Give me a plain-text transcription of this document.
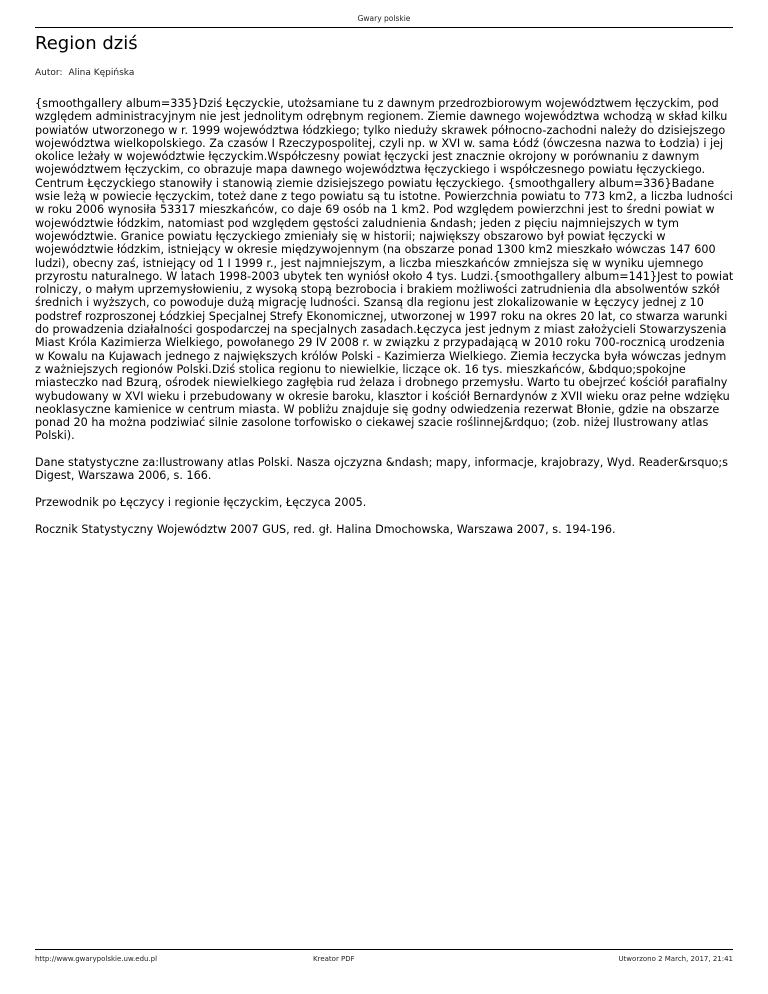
Gwary polskie
Region dziś
Autor: Alina Kępińska

{smoothgallery album=335}Dziś Łęczyckie, utożsamiane tu z dawnym przedrozbiorowym województwem łęczyckim, pod względem administracyjnym nie jest jednolitym odrębnym regionem. Ziemie dawnego województwa wchodzą w skład kilku powiatów utworzonego w r. 1999 województwa łódzkiego; tylko nieduży skrawek północno-zachodni należy do dzisiejszego województwa wielkopolskiego. Za czasów I Rzeczypospolitej, czyli np. w XVI w. sama Łódź (ówczesna nazwa to Łodzia) i jej okolice leżały w województwie łęczyckim.Współczesny powiat łęczycki jest znacznie okrojony w porównaniu z dawnym województwem łęczyckim, co obrazuje mapa dawnego województwa łęczyckiego i współczesnego powiatu łęczyckiego. Centrum Łęczyckiego stanowiły i stanowią ziemie dzisiejszego powiatu łęczyckiego. {smoothgallery album=336}Badane wsie leżą w powiecie łęczyckim, toteż dane z tego powiatu są tu istotne. Powierzchnia powiatu to 773 km2, a liczba ludności w roku 2006 wynosiła 53317 mieszkańców, co daje 69 osób na 1 km2. Pod względem powierzchni jest to średni powiat w województwie łódzkim, natomiast pod względem gęstości zaludnienia &ndash; jeden z pięciu najmniejszych w tym województwie. Granice powiatu łęczyckiego zmieniały się w historii; największy obszarowo był powiat łęczycki w województwie łódzkim, istniejący w okresie międzywojennym (na obszarze ponad 1300 km2 mieszkało wówczas 147 600 ludzi), obecny zaś, istniejący od 1 I 1999 r., jest najmniejszym, a liczba mieszkańców zmniejsza się w wyniku ujemnego przyrostu naturalnego. W latach 1998-2003 ubytek ten wyniósł około 4 tys. Ludzi.{smoothgallery album=141}Jest to powiat rolniczy, o małym uprzemysłowieniu, z wysoką stopą bezrobocia i brakiem możliwości zatrudnienia dla absolwentów szkół średnich i wyższych, co powoduje dużą migrację ludności. Szansą dla regionu jest zlokalizowanie w Łęczycy jednej z 10 podstref rozproszonej Łódzkiej Specjalnej Strefy Ekonomicznej, utworzonej w 1997 roku na okres 20 lat, co stwarza warunki do prowadzenia działalności gospodarczej na specjalnych zasadach.Łęczyca jest jednym z miast założycieli Stowarzyszenia Miast Króla Kazimierza Wielkiego, powołanego 29 IV 2008 r. w związku z przypadającą w 2010 roku 700-rocznicą urodzenia w Kowalu na Kujawach jednego z największych królów Polski - Kazimierza Wielkiego. Ziemia łeczycka była wówczas jednym z ważniejszych regionów Polski.Dziś stolica regionu to niewielkie, liczące ok. 16 tys. mieszkańców, &bdquo;spokojne miasteczko nad Bzurą, ośrodek niewielkiego zagłębia rud żelaza i drobnego przemysłu. Warto tu obejrzeć kościół parafialny wybudowany w XVI wieku i przebudowany w okresie baroku, klasztor i kościół Bernardynów z XVII wieku oraz pełne wdzięku neoklasyczne kamienice w centrum miasta. W pobliżu znajduje się godny odwiedzenia rezerwat Błonie, gdzie na obszarze ponad 20 ha można podziwiać silnie zasolone torfowisko o ciekawej szacie roślinnej&rdquo; (zob. niżej Ilustrowany atlas Polski).

Dane statystyczne za:Ilustrowany atlas Polski. Nasza ojczyzna &ndash; mapy, informacje, krajobrazy, Wyd. Reader&rsquo;s Digest, Warszawa 2006, s. 166.

Przewodnik po Łęczycy i regionie łęczyckim, Łęczyca 2005.

Rocznik Statystyczny Województw 2007 GUS, red. gł. Halina Dmochowska, Warszawa 2007, s. 194-196.

http://www.gwarypolskie.uw.edu.pl	Kreator PDF	Utworzono 2 March, 2017, 21:41
